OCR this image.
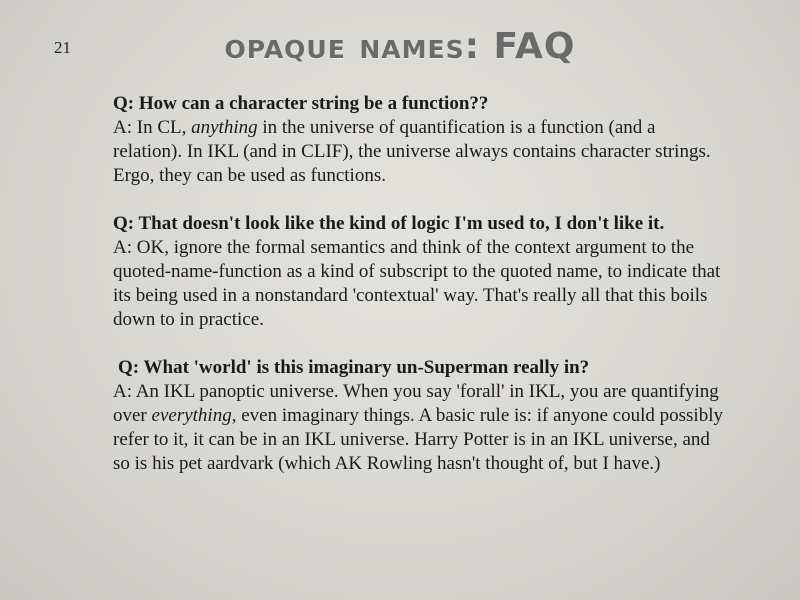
21	opaque names: FAQ

Q: How can a character string be a function??
A: In CL, anything in the universe of quantification is a function (and a relation). In IKL (and in CLIF), the universe always contains character strings. Ergo, they can be used as functions.

Q: That doesn't look like the kind of logic I'm used to, I don't like it.
A: OK, ignore the formal semantics and think of the context argument to the quoted-name-function as a kind of subscript to the quoted name, to indicate that its being used in a nonstandard 'contextual' way. That's really all that this boils down to in practice.

Q: What 'world' is this imaginary un-Superman really in?
A: An IKL panoptic universe. When you say 'forall' in IKL, you are quantifying over everything, even imaginary things. A basic rule is: if anyone could possibly refer to it, it can be in an IKL universe. Harry Potter is in an IKL universe, and so is his pet aardvark (which AK Rowling hasn't thought of, but I have.)
